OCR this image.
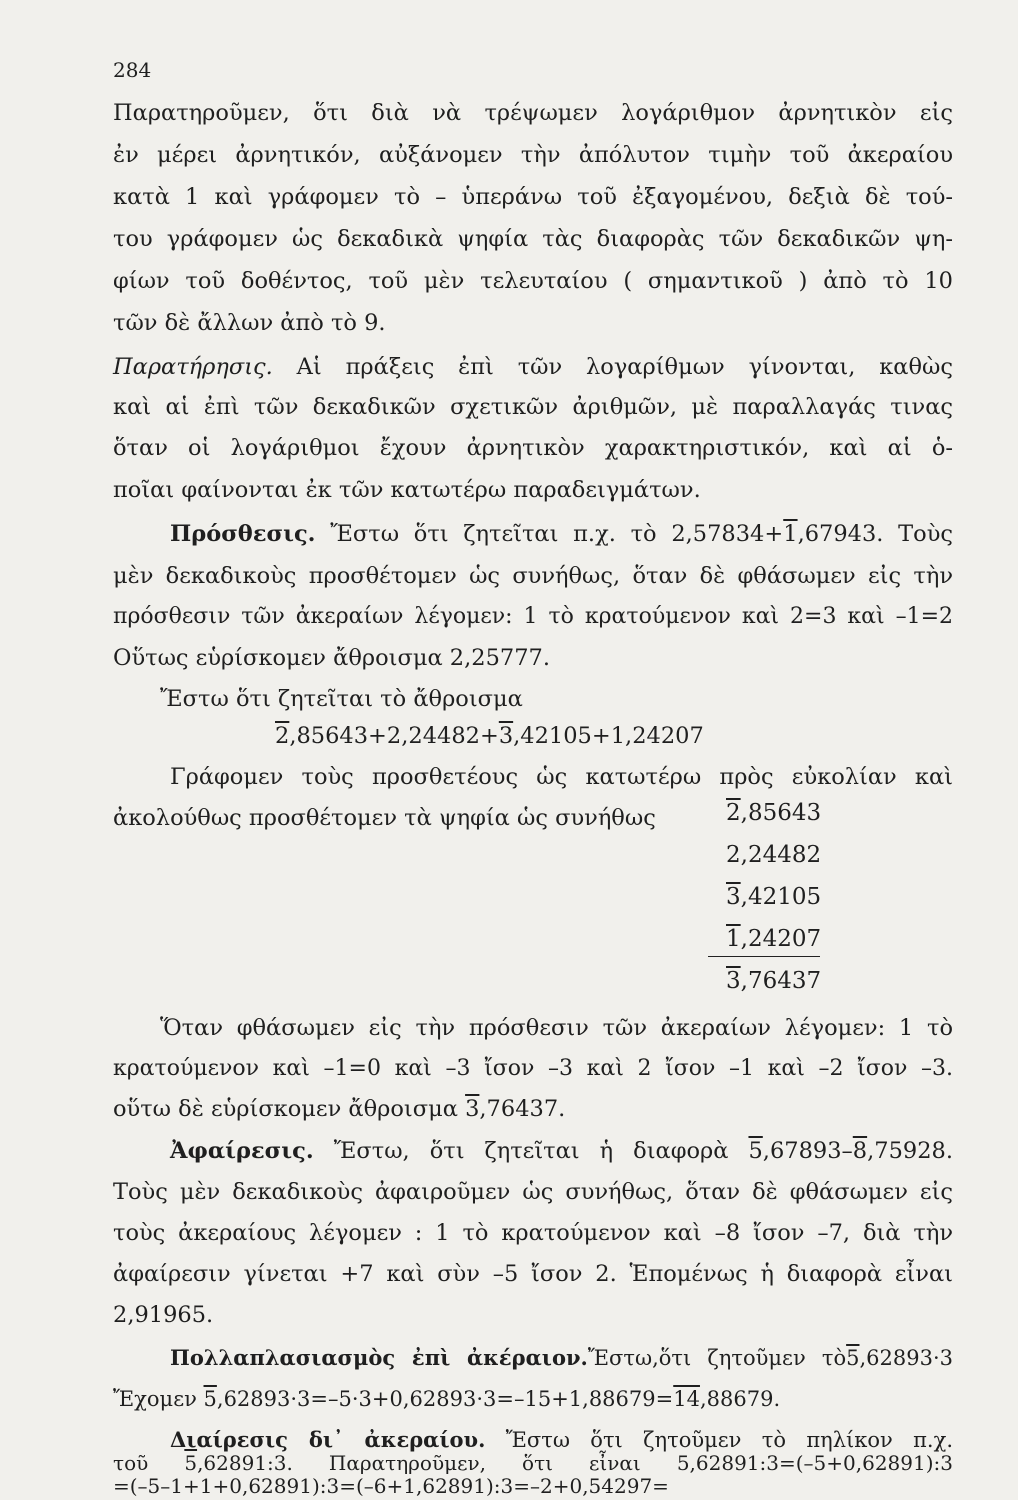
284
Παρατηροῦμεν, ὅτι διὰ νὰ τρέψωμεν λογάριθμον ἀρνητικὸν εἰς
ἐν μέρει ἀρνητικόν, αὐξάνομεν τὴν ἀπόλυτον τιμὴν τοῦ ἀκεραίου
κατὰ 1 καὶ γράφομεν τὸ – ὑπεράνω τοῦ ἐξαγομένου, δεξιὰ δὲ τού-
του γράφομεν ὡς δεκαδικὰ ψηφία τὰς διαφορὰς τῶν δεκαδικῶν ψη-
φίων τοῦ δοθέντος, τοῦ μὲν τελευταίου ( σημαντικοῦ ) ἀπὸ τὸ 10
τῶν δὲ ἄλλων ἀπὸ τὸ 9.
Παρατήρησις. Αἱ πράξεις ἐπὶ τῶν λογαρίθμων γίνονται, καθὼς
καὶ αἱ ἐπὶ τῶν δεκαδικῶν σχετικῶν ἀριθμῶν, μὲ παραλλαγάς τινας
ὅταν οἱ λογάριθμοι ἔχουν ἀρνητικὸν χαρακτηριστικόν, καὶ αἱ ὁ-
ποῖαι φαίνονται ἐκ τῶν κατωτέρω παραδειγμάτων.
Πρόσθεσις. Ἔστω ὅτι ζητεῖται π.χ. τὸ 2,57834+1,67943. Τοὺς
μὲν δεκαδικοὺς προσθέτομεν ὡς συνήθως, ὅταν δὲ φθάσωμεν εἰς τὴν
πρόσθεσιν τῶν ἀκεραίων λέγομεν: 1 τὸ κρατούμενον καὶ 2=3 καὶ –1=2
Οὕτως εὑρίσκομεν ἄθροισμα 2,25777.
Ἔστω ὅτι ζητεῖται τὸ ἄθροισμα
2,85643+2,24482+3,42105+1,24207
Γράφομεν τοὺς προσθετέους ὡς κατωτέρω πρὸς εὐκολίαν καὶ
ἀκολούθως προσθέτομεν τὰ ψηφία ὡς συνήθως	2,85643
2,24482
3,42105
1,24207
3,76437
Ὅταν φθάσωμεν εἰς τὴν πρόσθεσιν τῶν ἀκεραίων λέγομεν: 1 τὸ
κρατούμενον καὶ –1=0 καὶ –3 ἴσον –3 καὶ 2 ἴσον –1 καὶ –2 ἴσον –3.
οὕτω δὲ εὑρίσκομεν ἄθροισμα 3,76437.
Ἀφαίρεσις. Ἔστω, ὅτι ζητεῖται ἡ διαφορὰ 5,67893–8,75928.
Τοὺς μὲν δεκαδικοὺς ἀφαιροῦμεν ὡς συνήθως, ὅταν δὲ φθάσωμεν εἰς
τοὺς ἀκεραίους λέγομεν : 1 τὸ κρατούμενον καὶ –8 ἴσον –7, διὰ τὴν
ἀφαίρεσιν γίνεται +7 καὶ σὺν –5 ἴσον 2. Ἑπομένως ἡ διαφορὰ εἶναι
2,91965.
Πολλαπλασιασμὸς ἐπὶ ἀκέραιον.Ἔστω,ὅτι ζητοῦμεν τὸ5,62893·3
Ἔχομεν 5,62893·3=–5·3+0,62893·3=–15+1,88679=14,88679.
Διαίρεσις δι᾽ ἀκεραίου. Ἔστω ὅτι ζητοῦμεν τὸ πηλίκον π.χ.
τοῦ 5,62891:3. Παρατηροῦμεν, ὅτι εἶναι 5,62891:3=(–5+0,62891):3
=(–5–1+1+0,62891):3=(–6+1,62891):3=–2+0,54297=
